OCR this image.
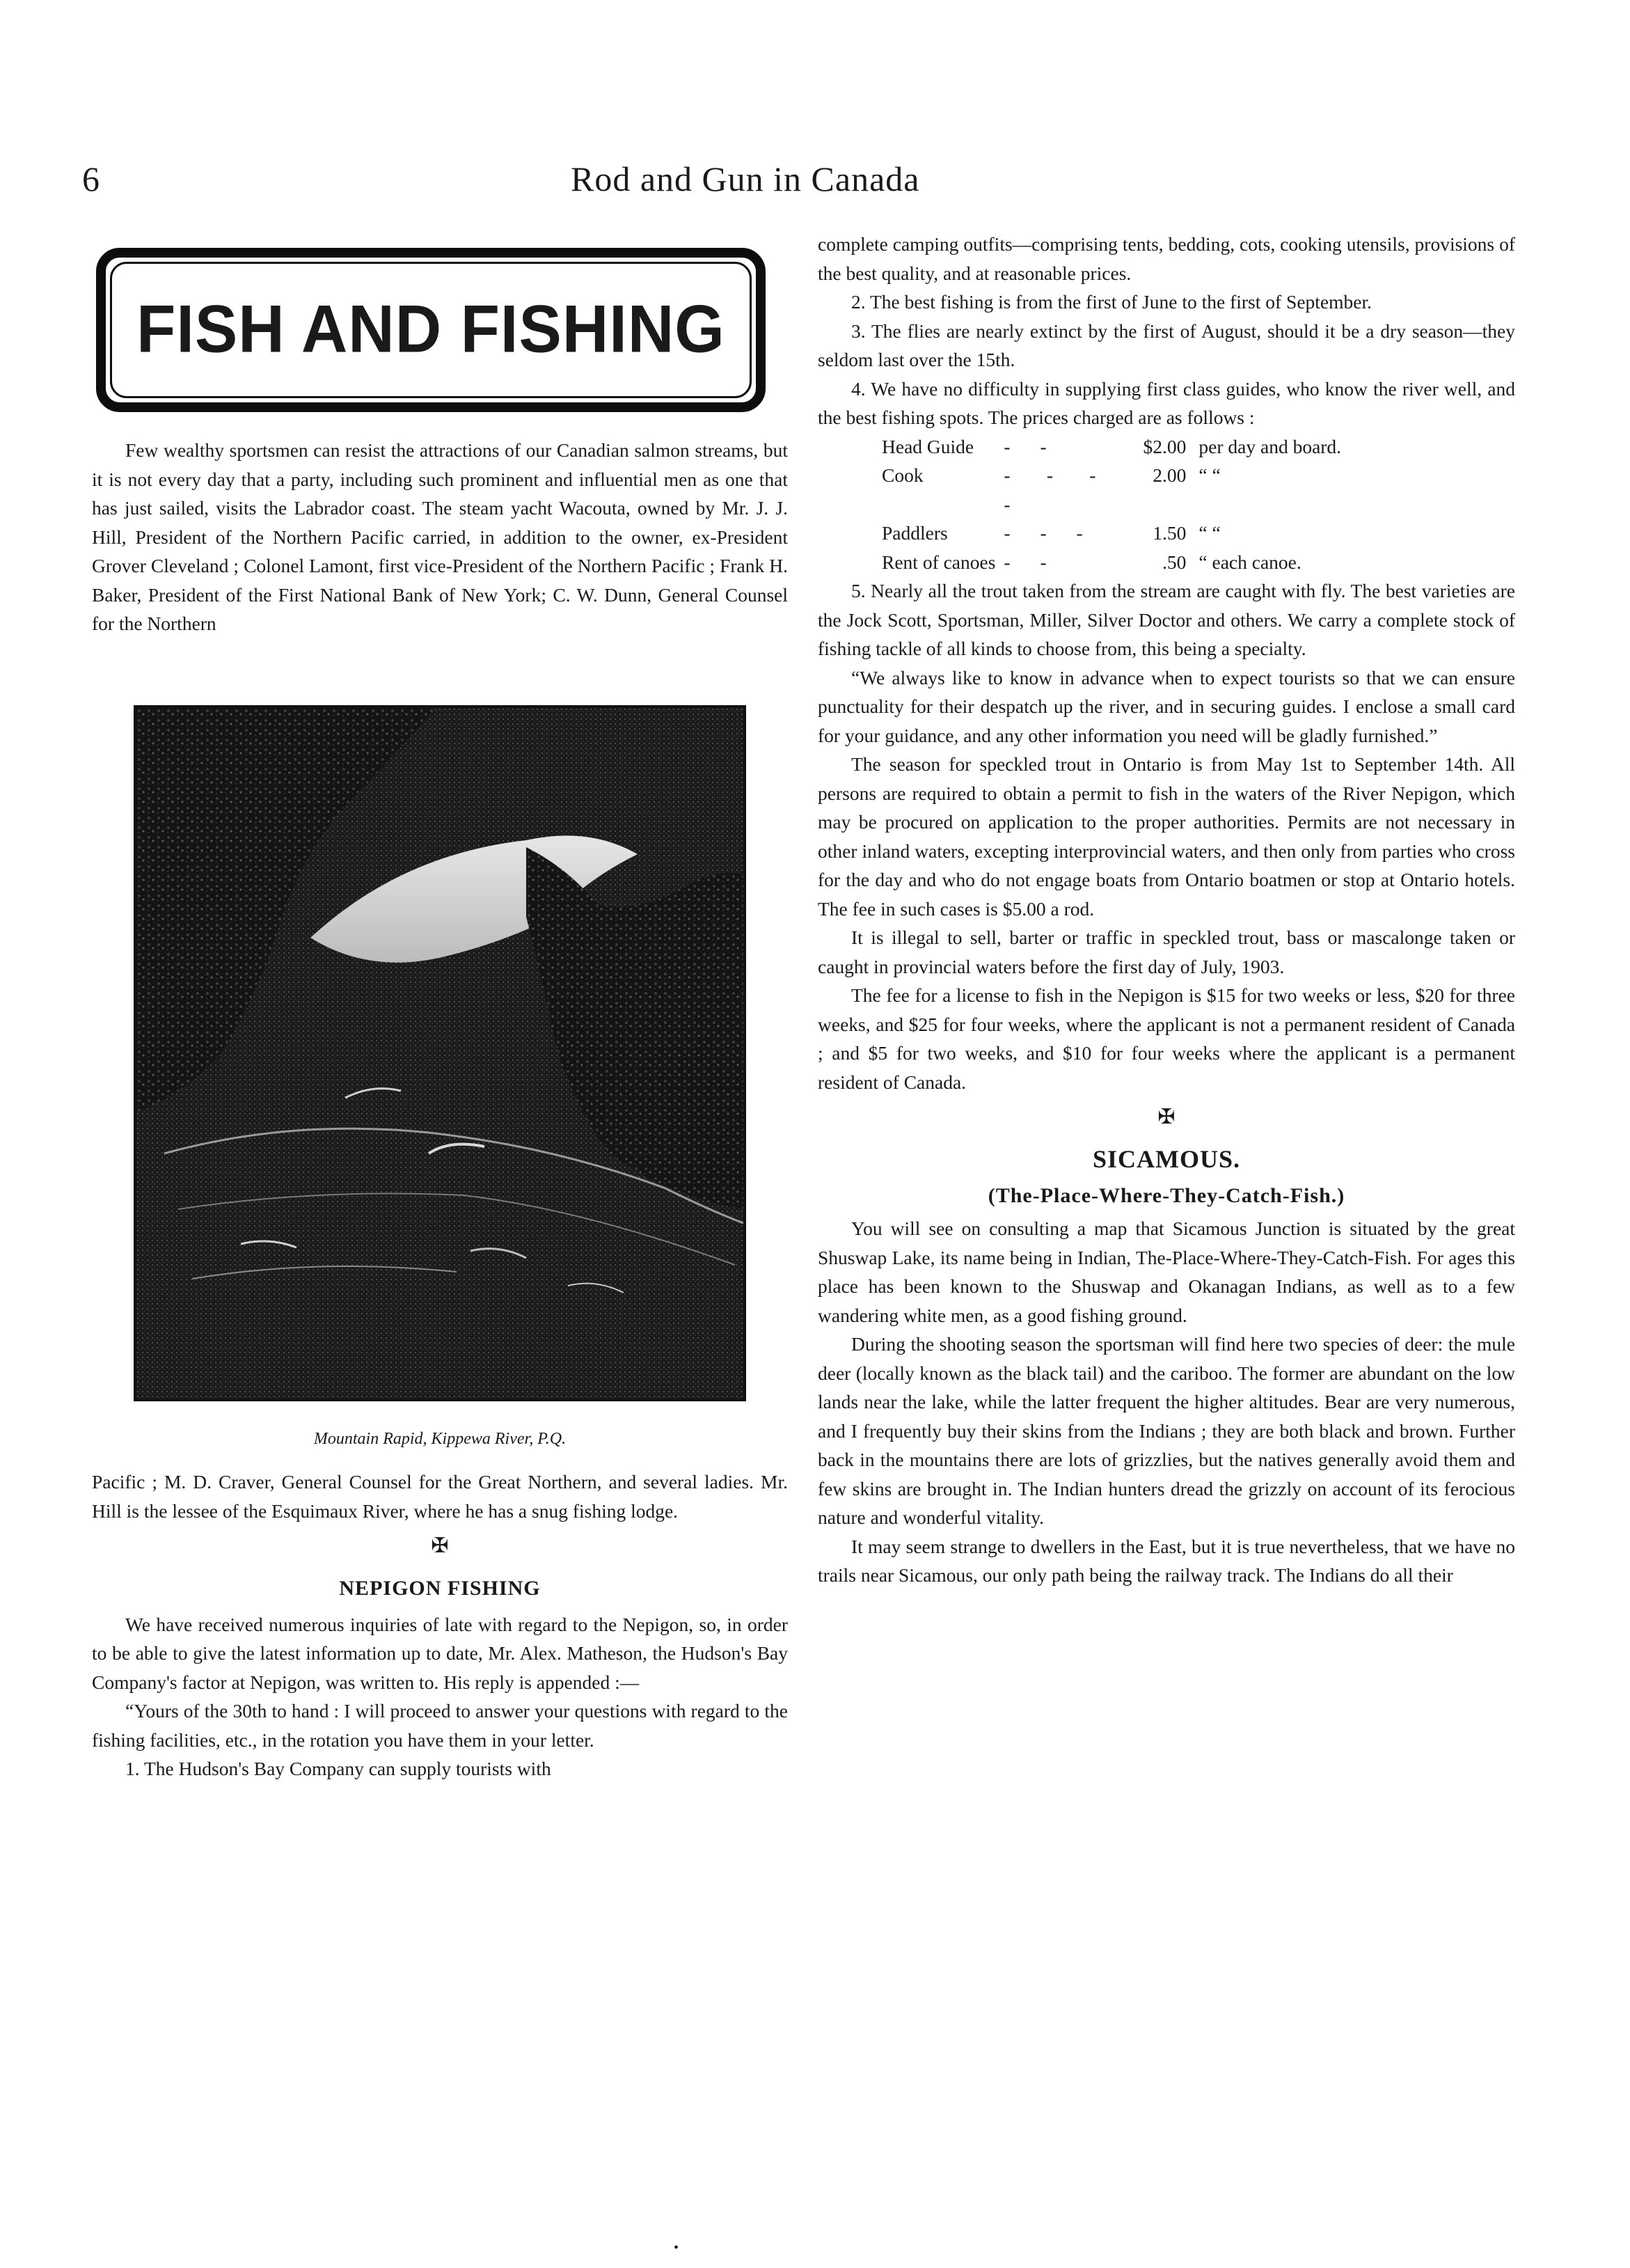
6	Rod and Gun in Canada
FISH AND FISHING

Few wealthy sportsmen can resist the attractions of our Canadian salmon streams, but it is not every day that a party, including such prominent and influential men as one that has just sailed, visits the Labrador coast. The steam yacht Wacouta, owned by Mr. J. J. Hill, President of the Northern Pacific carried, in addition to the owner, ex-President Grover Cleveland ; Colonel Lamont, first vice-President of the Northern Pacific ; Frank H. Baker, President of the First National Bank of New York; C. W. Dunn, General Counsel for the Northern

Mountain Rapid, Kippewa River, P.Q.

Pacific ; M. D. Craver, General Counsel for the Great Northern, and several ladies. Mr. Hill is the lessee of the Esquimaux River, where he has a snug fishing lodge.

✠
NEPIGON FISHING

We have received numerous inquiries of late with regard to the Nepigon, so, in order to be able to give the latest information up to date, Mr. Alex. Matheson, the Hudson's Bay Company's factor at Nepigon, was written to. His reply is appended :—

“Yours of the 30th to hand : I will proceed to answer your questions with regard to the fishing facilities, etc., in the rotation you have them in your letter.

1. The Hudson's Bay Company can supply tourists with

complete camping outfits—comprising tents, bedding, cots, cooking utensils, provisions of the best quality, and at reasonable prices.

2. The best fishing is from the first of June to the first of September.

3. The flies are nearly extinct by the first of August, should it be a dry season—they seldom last over the 15th.

4. We have no difficulty in supplying first class guides, who know the river well, and the best fishing spots. The prices charged are as follows :

Head Guide	- -	$2.00	per day and board.
Cook	- - - -	2.00	“ “
Paddlers	- - -	1.50	“ “
Rent of canoes	- -	.50	“ each canoe.

5. Nearly all the trout taken from the stream are caught with fly. The best varieties are the Jock Scott, Sportsman, Miller, Silver Doctor and others. We carry a complete stock of fishing tackle of all kinds to choose from, this being a specialty.

“We always like to know in advance when to expect tourists so that we can ensure punctuality for their despatch up the river, and in securing guides. I enclose a small card for your guidance, and any other information you need will be gladly furnished.”

The season for speckled trout in Ontario is from May 1st to September 14th. All persons are required to obtain a permit to fish in the waters of the River Nepigon, which may be procured on application to the proper authorities. Permits are not necessary in other inland waters, excepting interprovincial waters, and then only from parties who cross for the day and who do not engage boats from Ontario boatmen or stop at Ontario hotels. The fee in such cases is $5.00 a rod.

It is illegal to sell, barter or traffic in speckled trout, bass or mascalonge taken or caught in provincial waters before the first day of July, 1903.

The fee for a license to fish in the Nepigon is $15 for two weeks or less, $20 for three weeks, and $25 for four weeks, where the applicant is not a permanent resident of Canada ; and $5 for two weeks, and $10 for four weeks where the applicant is a permanent resident of Canada.

✠
SICAMOUS.
(The-Place-Where-They-Catch-Fish.)

You will see on consulting a map that Sicamous Junction is situated by the great Shuswap Lake, its name being in Indian, The-Place-Where-They-Catch-Fish. For ages this place has been known to the Shuswap and Okanagan Indians, as well as to a few wandering white men, as a good fishing ground.

During the shooting season the sportsman will find here two species of deer: the mule deer (locally known as the black tail) and the cariboo. The former are abundant on the low lands near the lake, while the latter frequent the higher altitudes. Bear are very numerous, and I frequently buy their skins from the Indians ; they are both black and brown. Further back in the mountains there are lots of grizzlies, but the natives generally avoid them and few skins are brought in. The Indian hunters dread the grizzly on account of its ferocious nature and wonderful vitality.

It may seem strange to dwellers in the East, but it is true nevertheless, that we have no trails near Sicamous, our only path being the railway track. The Indians do all their

•
